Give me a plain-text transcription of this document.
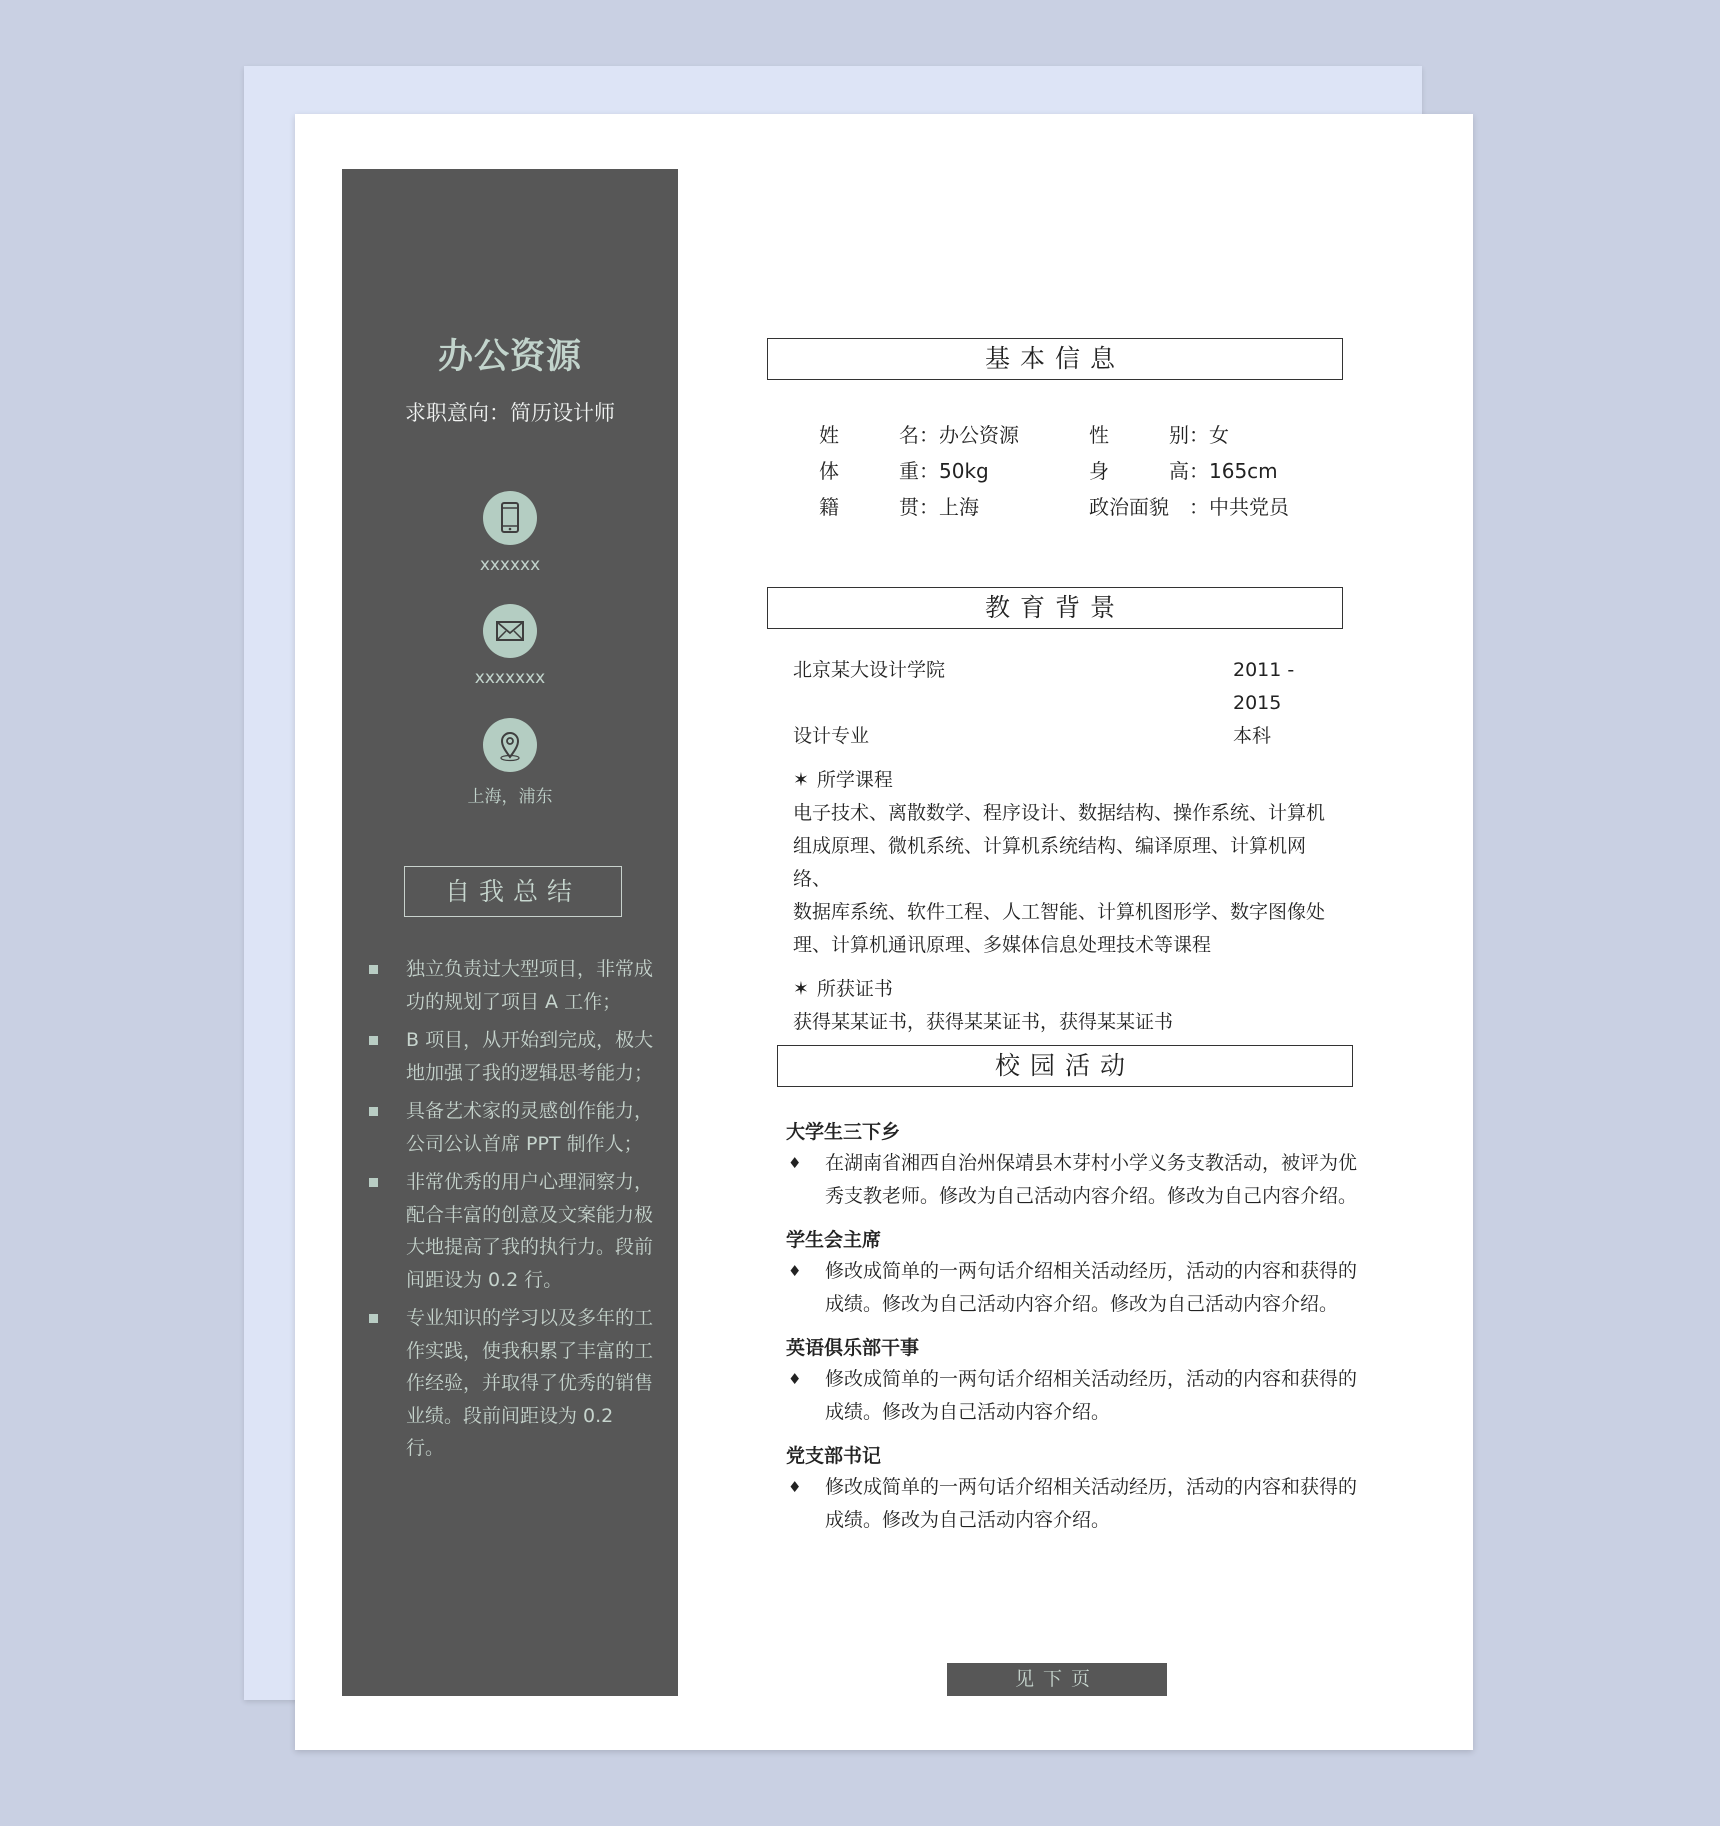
办公资源
求职意向：简历设计师
xxxxxx
xxxxxxx
上海，浦东
自我总结
独立负责过大型项目，非常成功的规划了项目 A 工作；
B 项目，从开始到完成，极大地加强了我的逻辑思考能力；
具备艺术家的灵感创作能力，公司公认首席 PPT 制作人；
非常优秀的用户心理洞察力，配合丰富的创意及文案能力极大地提高了我的执行力。段前间距设为 0.2 行。
专业知识的学习以及多年的工作实践，使我积累了丰富的工作经验，并取得了优秀的销售业绩。段前间距设为 0.2 行。
基本信息
姓	名 ：办公资源	性	别 ：女
体	重 ：50kg	身	高 ：165cm
籍	贯 ：上海	政治面貌 ：中共党员
教育背景
北京某大设计学院	2011 - 2015
设计专业	本科
✶ 所学课程
电子技术、离散数学、程序设计、数据结构、操作系统、计算机
组成原理、微机系统、计算机系统结构、编译原理、计算机网络、
数据库系统、软件工程、人工智能、计算机图形学、数字图像处
理、计算机通讯原理、多媒体信息处理技术等课程
✶ 所获证书
获得某某证书，获得某某证书，获得某某证书
校园活动
大学生三下乡
♦ 在湖南省湘西自治州保靖县木芽村小学义务支教活动，被评为优
秀支教老师。修改为自己活动内容介绍。修改为自己内容介绍。
学生会主席
♦ 修改成简单的一两句话介绍相关活动经历，活动的内容和获得的
成绩。修改为自己活动内容介绍。修改为自己活动内容介绍。
英语俱乐部干事
♦ 修改成简单的一两句话介绍相关活动经历，活动的内容和获得的
成绩。修改为自己活动内容介绍。
党支部书记
♦ 修改成简单的一两句话介绍相关活动经历，活动的内容和获得的
成绩。修改为自己活动内容介绍。
见下页
